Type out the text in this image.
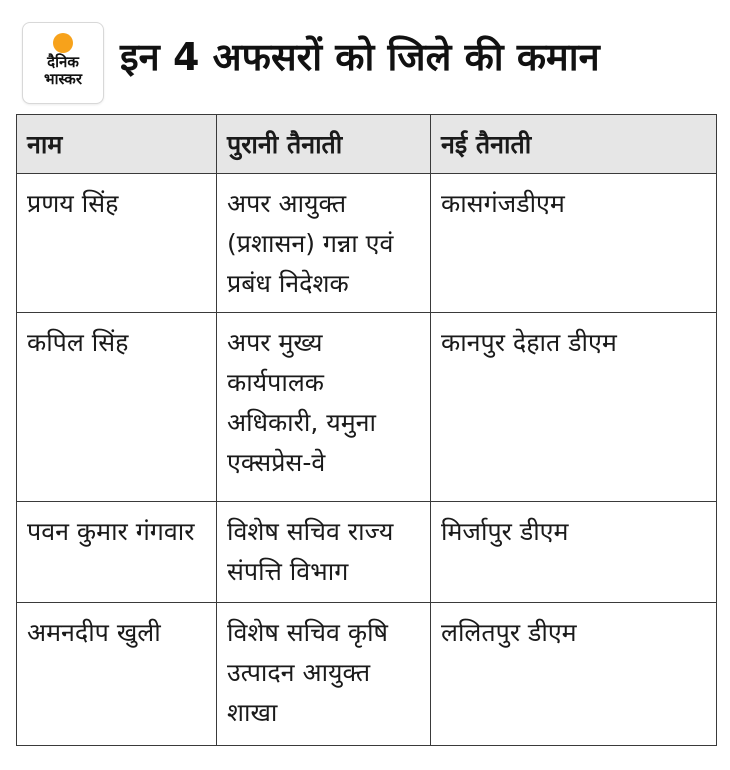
दैनिक
भास्कर	इन 4 अफसरों को जिले की कमान
नाम	पुरानी तैनाती	नई तैनाती
प्रणय सिंह	अपर आयुक्त (प्रशासन) गन्ना एवं प्रबंध निदेशक	कासगंजडीएम
कपिल सिंह	अपर मुख्य कार्यपालक अधिकारी, यमुना एक्सप्रेस-वे	कानपुर देहात डीएम
पवन कुमार गंगवार	विशेष सचिव राज्य संपत्ति विभाग	मिर्जापुर डीएम
अमनदीप खुली	विशेष सचिव कृषि उत्पादन आयुक्त शाखा	ललितपुर डीएम
